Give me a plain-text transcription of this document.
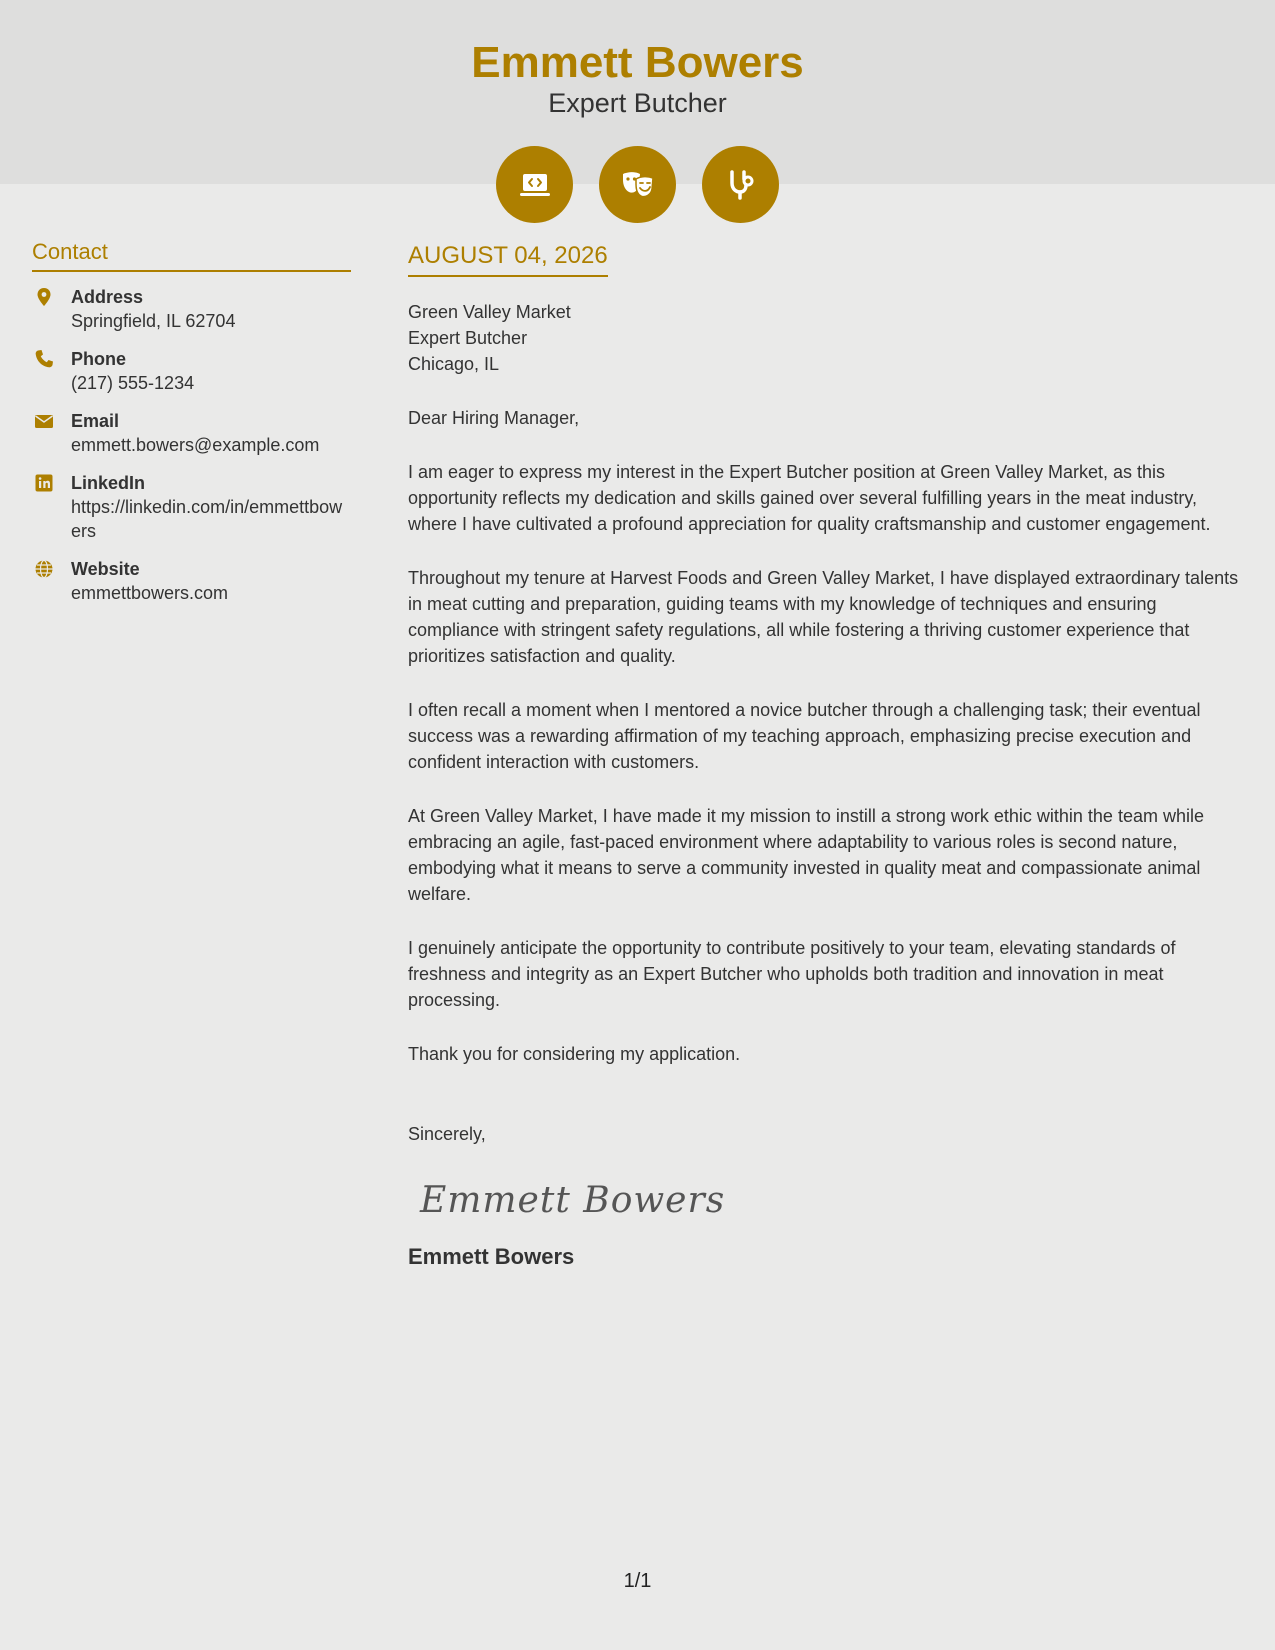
Emmett Bowers
Expert Butcher
Contact
Address
Springfield, IL 62704
Phone
(217) 555-1234
Email
emmett.bowers@example.com
LinkedIn
https://linkedin.com/in/emmettbowers
Website
emmettbowers.com
AUGUST 04, 2026
Green Valley Market
Expert Butcher
Chicago, IL
Dear Hiring Manager,
I am eager to express my interest in the Expert Butcher position at Green Valley Market, as this opportunity reflects my dedication and skills gained over several fulfilling years in the meat industry, where I have cultivated a profound appreciation for quality craftsmanship and customer engagement.
Throughout my tenure at Harvest Foods and Green Valley Market, I have displayed extraordinary talents in meat cutting and preparation, guiding teams with my knowledge of techniques and ensuring compliance with stringent safety regulations, all while fostering a thriving customer experience that prioritizes satisfaction and quality.
I often recall a moment when I mentored a novice butcher through a challenging task; their eventual success was a rewarding affirmation of my teaching approach, emphasizing precise execution and confident interaction with customers.
At Green Valley Market, I have made it my mission to instill a strong work ethic within the team while embracing an agile, fast-paced environment where adaptability to various roles is second nature, embodying what it means to serve a community invested in quality meat and compassionate animal welfare.
I genuinely anticipate the opportunity to contribute positively to your team, elevating standards of freshness and integrity as an Expert Butcher who upholds both tradition and innovation in meat processing.
Thank you for considering my application.
Sincerely,
Emmett Bowers
Emmett Bowers
1/1
